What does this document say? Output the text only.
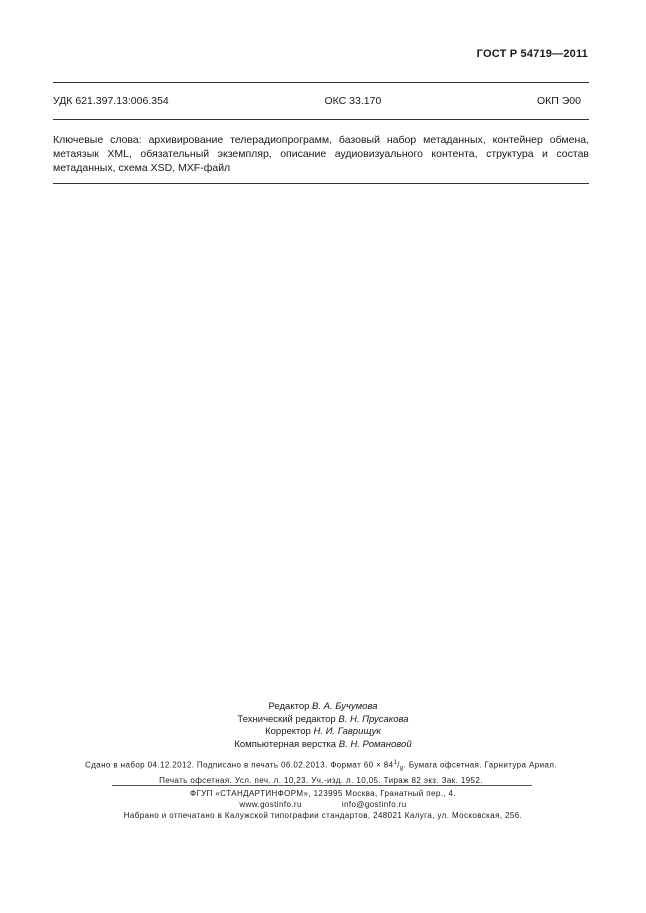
ГОСТ Р 54719—2011
УДК 621.397.13:006.354	ОКС 33.170	ОКП Э00
Ключевые слова: архивирование телерадиопрограмм, базовый набор метаданных, контейнер обмена, метаязык XML, обязательный экземпляр, описание аудиовизуального контента, структура и состав метаданных, схема XSD, MXF-файл
Редактор В. А. Бучумова
Технический редактор В. Н. Прусакова
Корректор Н. И. Гаврищук
Компьютерная верстка В. Н. Романовой
Сдано в набор 04.12.2012. Подписано в печать 06.02.2013. Формат $60 \times 84^1/_8$. Бумага офсетная. Гарнитура Ариал.
Печать офсетная. Усл. печ. л. 10,23. Уч.-изд. л. 10,05. Тираж 82 экз. Зак. 1952.
ФГУП «СТАНДАРТИНФОРМ», 123995 Москва, Гранатный пер., 4.
www.gostinfo.ru	info@gostinfo.ru
Набрано и отпечатано в Калужской типографии стандартов, 248021 Калуга, ул. Московская, 256.
